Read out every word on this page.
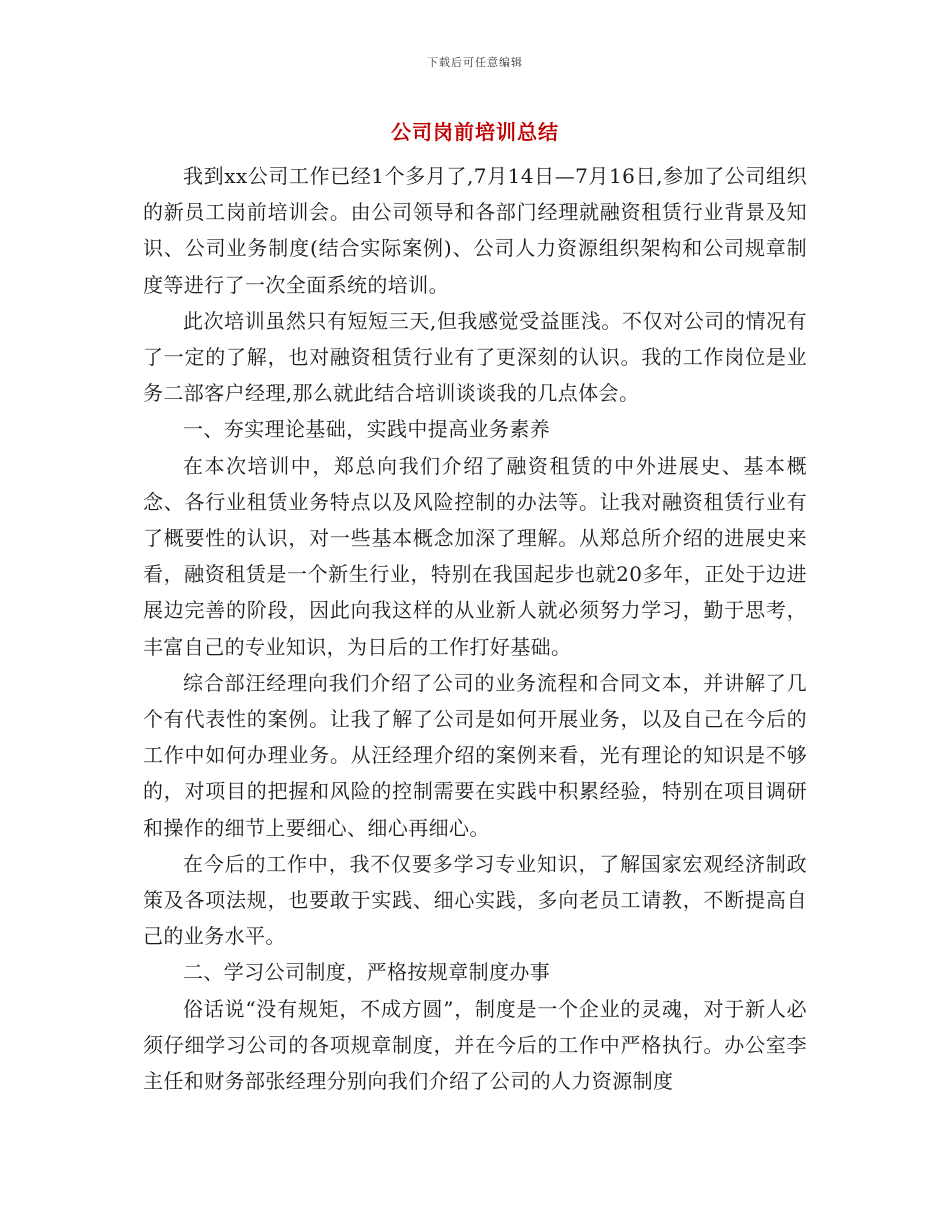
下载后可任意编辑
公司岗前培训总结

我到xx公司工作已经1个多月了,7月14日—7月16日,参加了公司组织的新员工岗前培训会。由公司领导和各部门经理就融资租赁行业背景及知识、公司业务制度(结合实际案例)、公司人力资源组织架构和公司规章制度等进行了一次全面系统的培训。

此次培训虽然只有短短三天,但我感觉受益匪浅。不仅对公司的情况有了一定的了解，也对融资租赁行业有了更深刻的认识。我的工作岗位是业务二部客户经理,那么就此结合培训谈谈我的几点体会。

一、夯实理论基础，实践中提高业务素养

在本次培训中，郑总向我们介绍了融资租赁的中外进展史、基本概念、各行业租赁业务特点以及风险控制的办法等。让我对融资租赁行业有了概要性的认识，对一些基本概念加深了理解。从郑总所介绍的进展史来看，融资租赁是一个新生行业，特别在我国起步也就20多年，正处于边进展边完善的阶段，因此向我这样的从业新人就必须努力学习，勤于思考，丰富自己的专业知识，为日后的工作打好基础。

综合部汪经理向我们介绍了公司的业务流程和合同文本，并讲解了几个有代表性的案例。让我了解了公司是如何开展业务，以及自己在今后的工作中如何办理业务。从汪经理介绍的案例来看，光有理论的知识是不够的，对项目的把握和风险的控制需要在实践中积累经验，特别在项目调研和操作的细节上要细心、细心再细心。

在今后的工作中，我不仅要多学习专业知识，了解国家宏观经济制政策及各项法规，也要敢于实践、细心实践，多向老员工请教，不断提高自己的业务水平。

二、学习公司制度，严格按规章制度办事

俗话说“没有规矩，不成方圆”，制度是一个企业的灵魂，对于新人必须仔细学习公司的各项规章制度，并在今后的工作中严格执行。办公室李主任和财务部张经理分别向我们介绍了公司的人力资源制度
